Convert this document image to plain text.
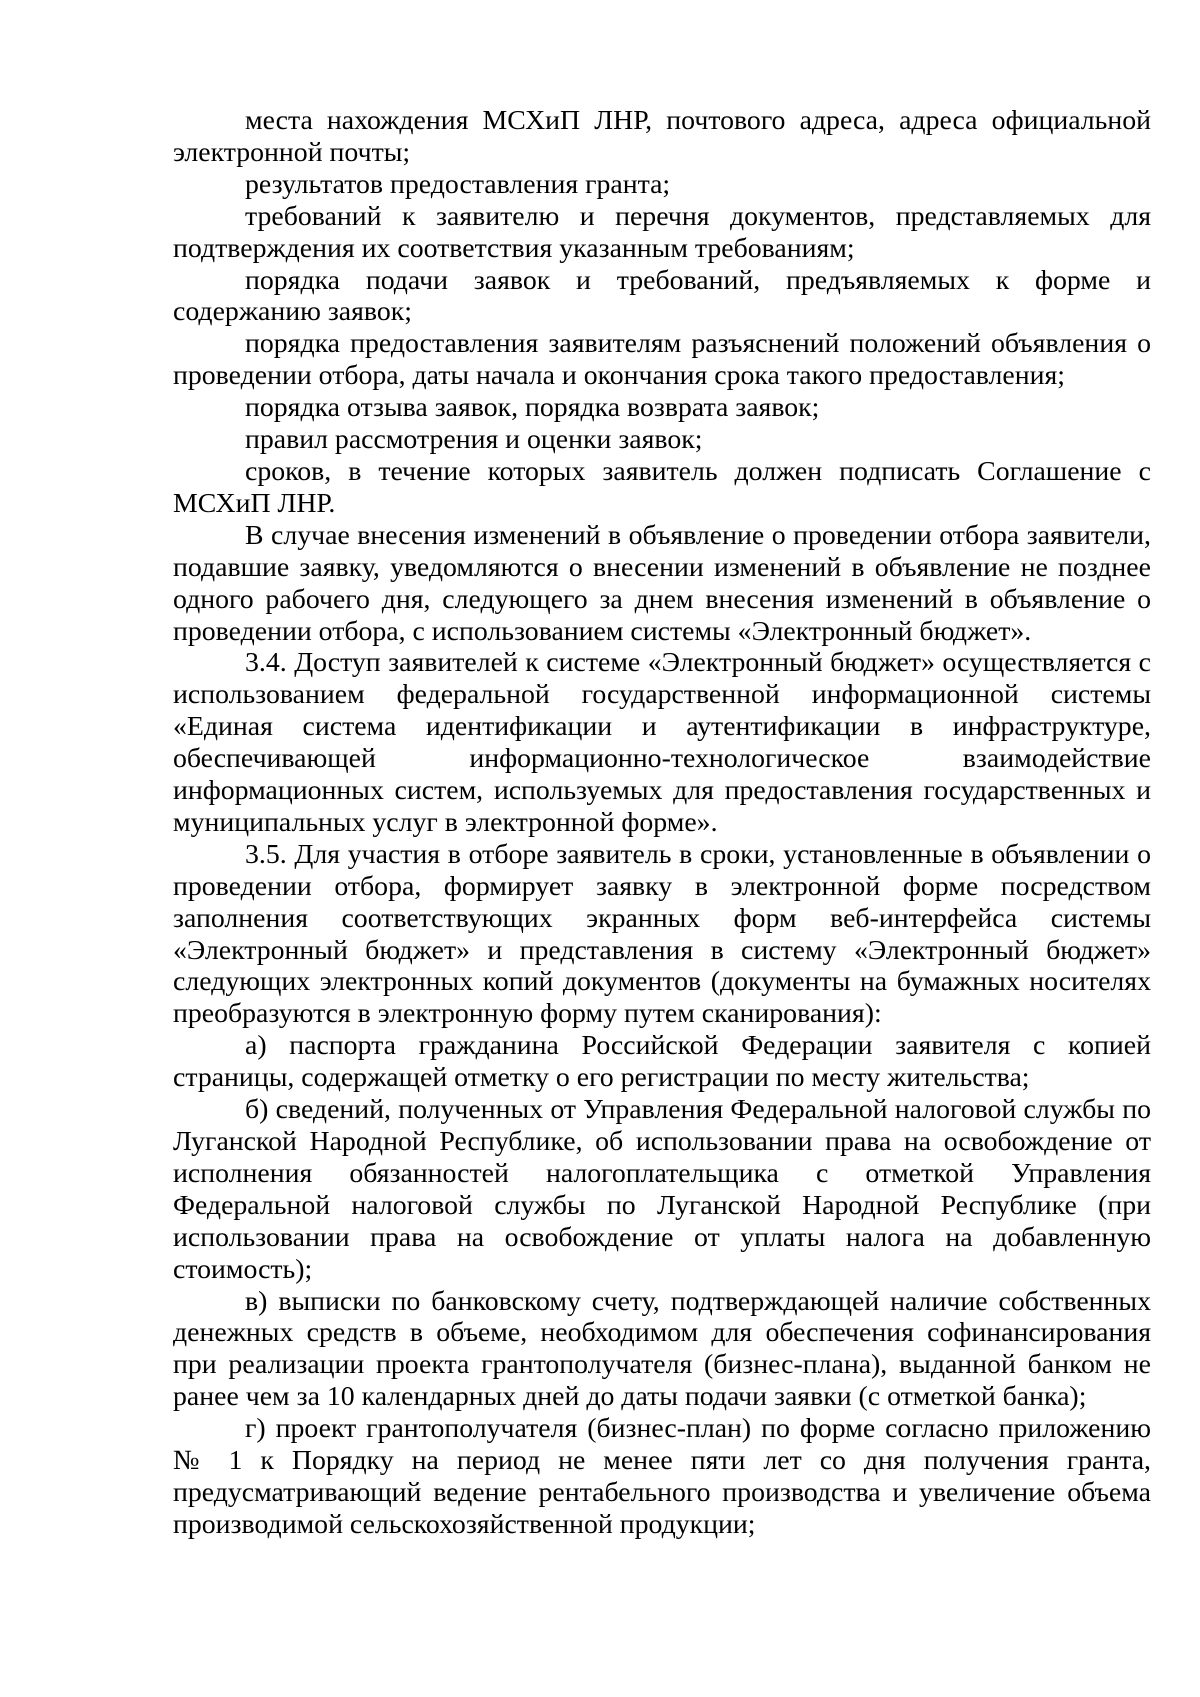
места нахождения МСХиП ЛНР, почтового адреса, адреса официальной электронной почты;

результатов предоставления гранта;

требований к заявителю и перечня документов, представляемых для подтверждения их соответствия указанным требованиям;

порядка подачи заявок и требований, предъявляемых к форме и содержанию заявок;

порядка предоставления заявителям разъяснений положений объявления о проведении отбора, даты начала и окончания срока такого предоставления;

порядка отзыва заявок, порядка возврата заявок;

правил рассмотрения и оценки заявок;

сроков, в течение которых заявитель должен подписать Соглашение с МСХиП ЛНР.

В случае внесения изменений в объявление о проведении отбора заявители, подавшие заявку, уведомляются о внесении изменений в объявление не позднее одного рабочего дня, следующего за днем внесения изменений в объявление о проведении отбора, с использованием системы «Электронный бюджет».

3.4. Доступ заявителей к системе «Электронный бюджет» осуществляется с использованием федеральной государственной информационной системы «Единая система идентификации и аутентификации в инфраструктуре, обеспечивающей информационно-технологическое взаимодействие информационных систем, используемых для предоставления государственных и муниципальных услуг в электронной форме».

3.5. Для участия в отборе заявитель в сроки, установленные в объявлении о проведении отбора, формирует заявку в электронной форме посредством заполнения соответствующих экранных форм веб-интерфейса системы «Электронный бюджет» и представления в систему «Электронный бюджет» следующих электронных копий документов (документы на бумажных носителях преобразуются в электронную форму путем сканирования):

а) паспорта гражданина Российской Федерации заявителя с копией страницы, содержащей отметку о его регистрации по месту жительства;

б) сведений, полученных от Управления Федеральной налоговой службы по Луганской Народной Республике, об использовании права на освобождение от исполнения обязанностей налогоплательщика с отметкой Управления Федеральной налоговой службы по Луганской Народной Республике (при использовании права на освобождение от уплаты налога на добавленную стоимость);

в) выписки по банковскому счету, подтверждающей наличие собственных денежных средств в объеме, необходимом для обеспечения софинансирования при реализации проекта грантополучателя (бизнес-плана), выданной банком не ранее чем за 10 календарных дней до даты подачи заявки (с отметкой банка);

г) проект грантополучателя (бизнес-план) по форме согласно приложению № 1 к Порядку на период не менее пяти лет со дня получения гранта, предусматривающий ведение рентабельного производства и увеличение объема производимой сельскохозяйственной продукции;
